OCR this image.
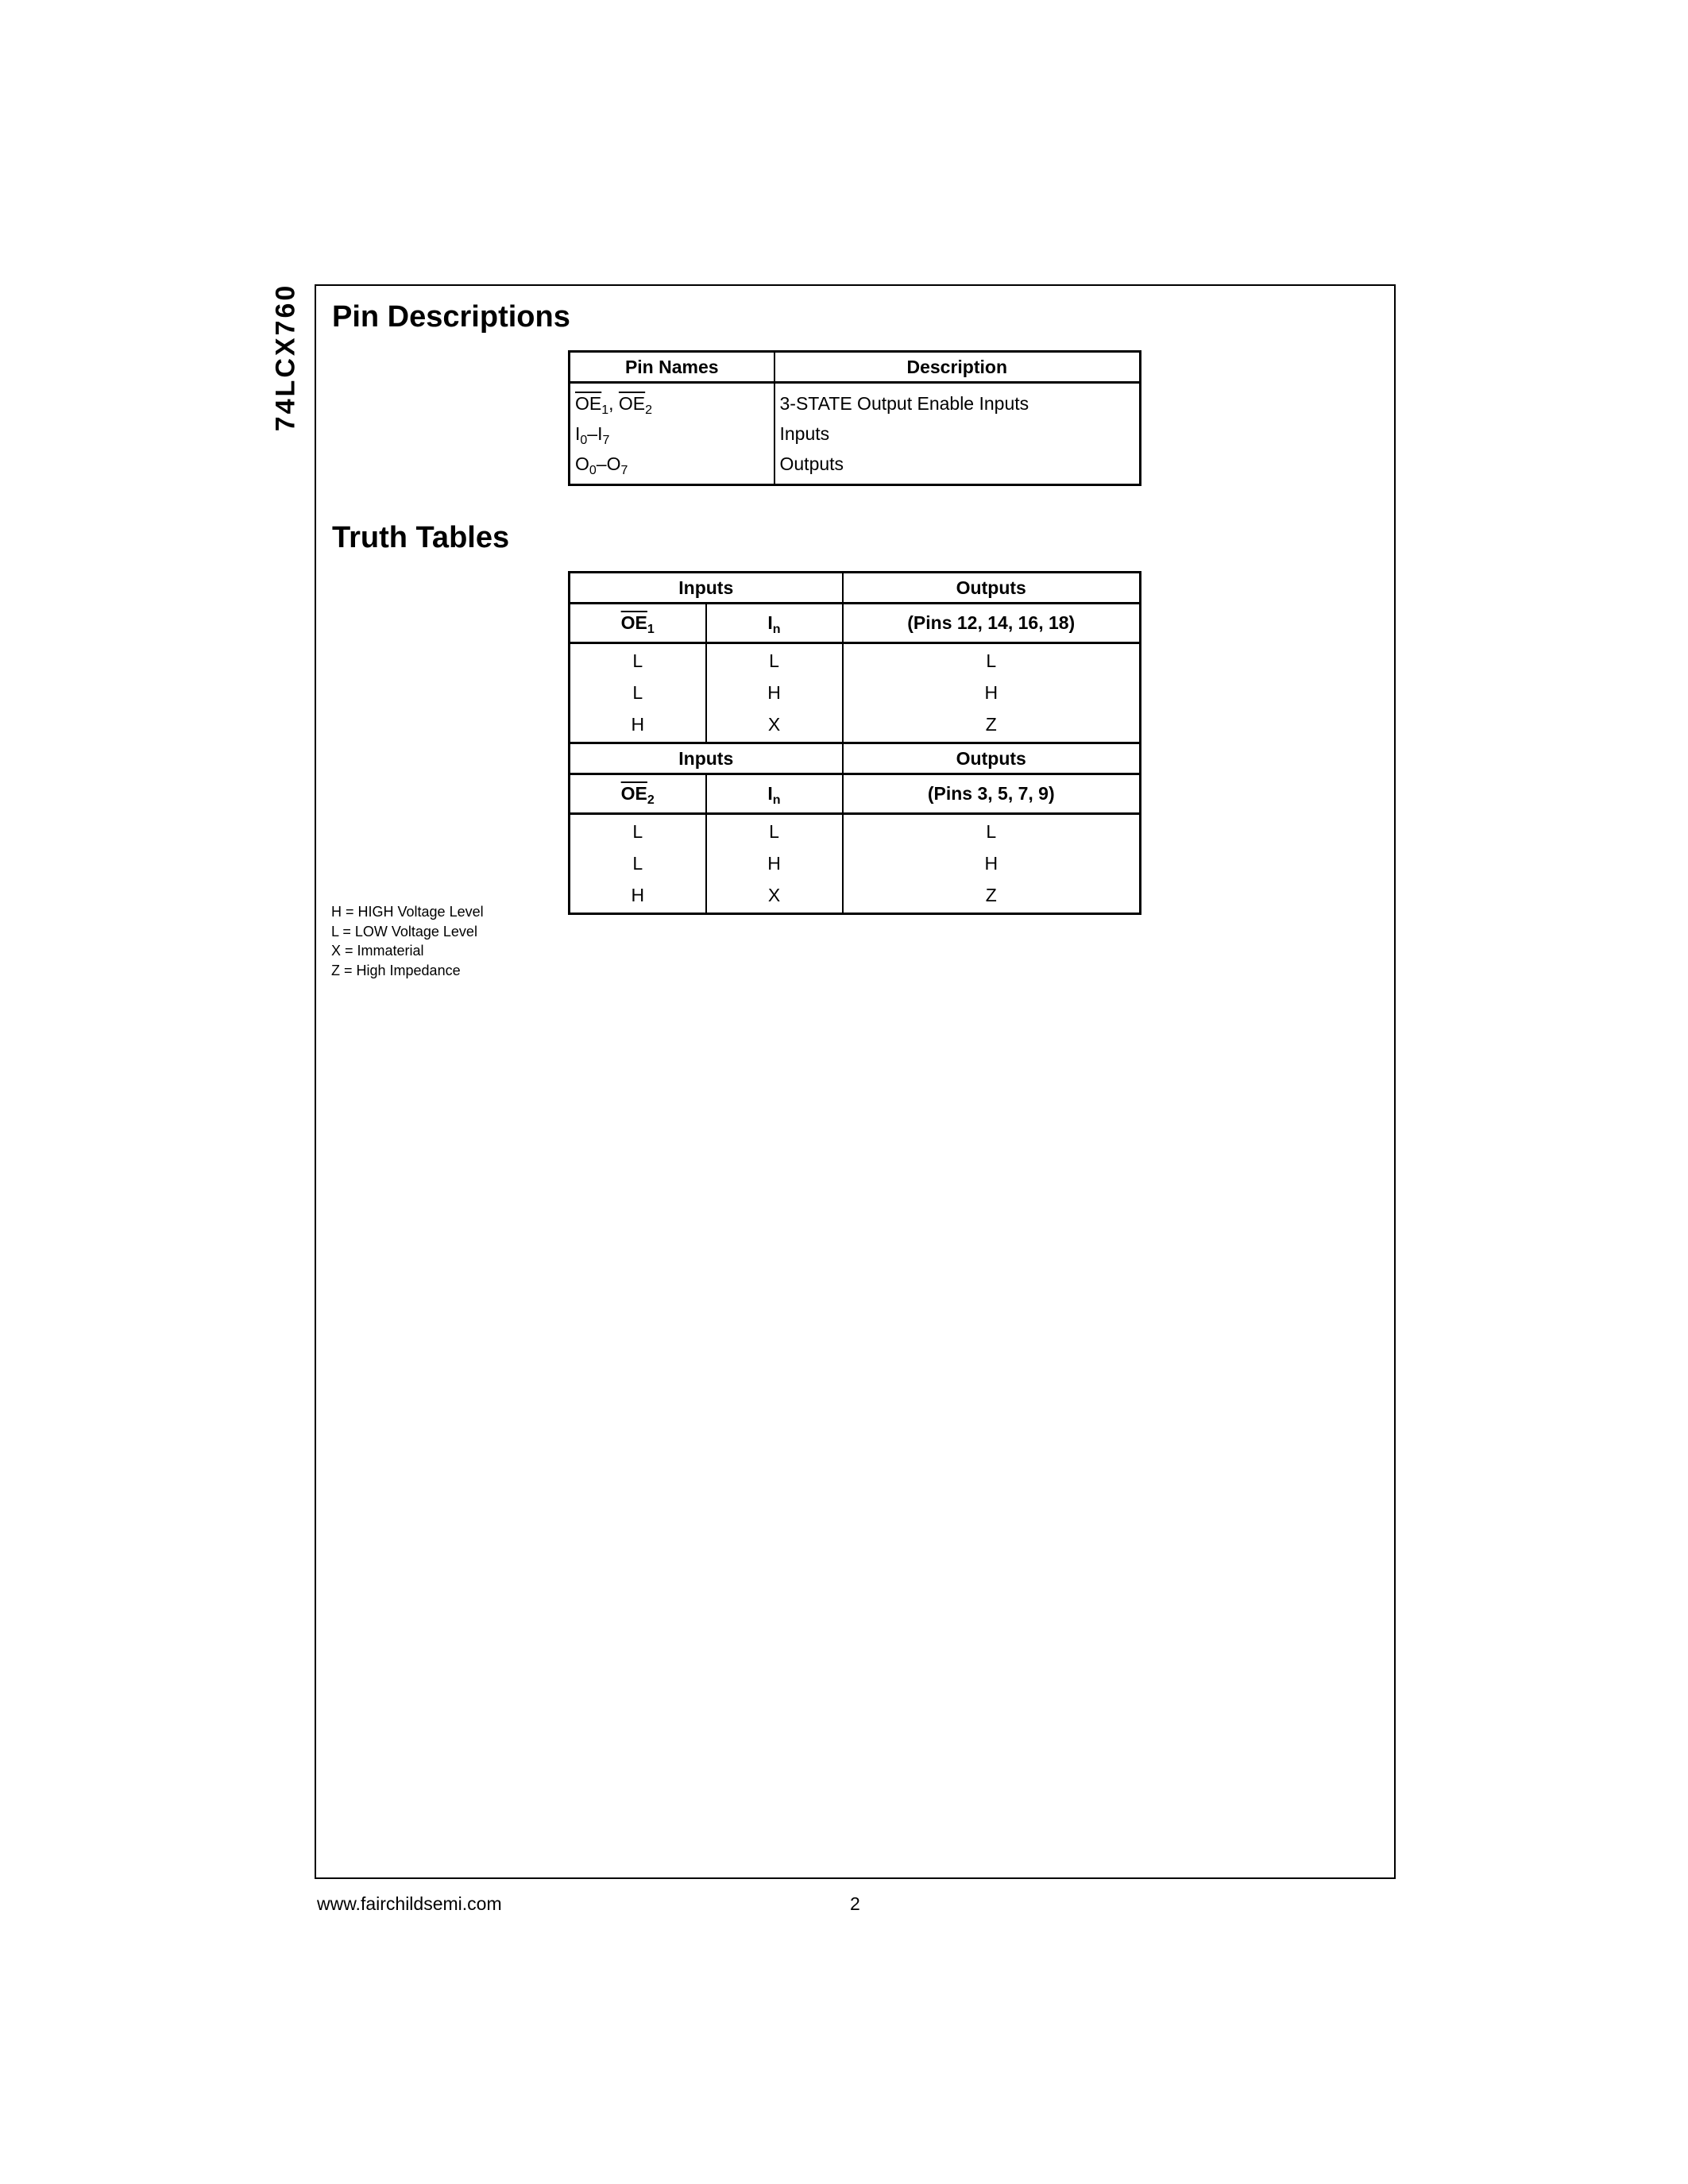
74LCX760 Pin Descriptions
Pin Names	Description
$\overline{OE}_1$, $\overline{OE}_2$	3-STATE Output Enable Inputs
$I_0-I_7$	Inputs
$O_0-O_7$	Outputs
Truth Tables
Inputs		Outputs
$\overline{OE}_1$	$I_n$	(Pins 12, 14, 16, 18)
L	L	L
L	H	H
H	X	Z
Inputs		Outputs
$\overline{OE}_2$	$I_n$	(Pins 3, 5, 7, 9)
L	L	L
L	H	H
H	X	Z
H = HIGH Voltage Level
L = LOW Voltage Level
X = Immaterial
Z = High Impedance
www.fairchildsemi.com	2
